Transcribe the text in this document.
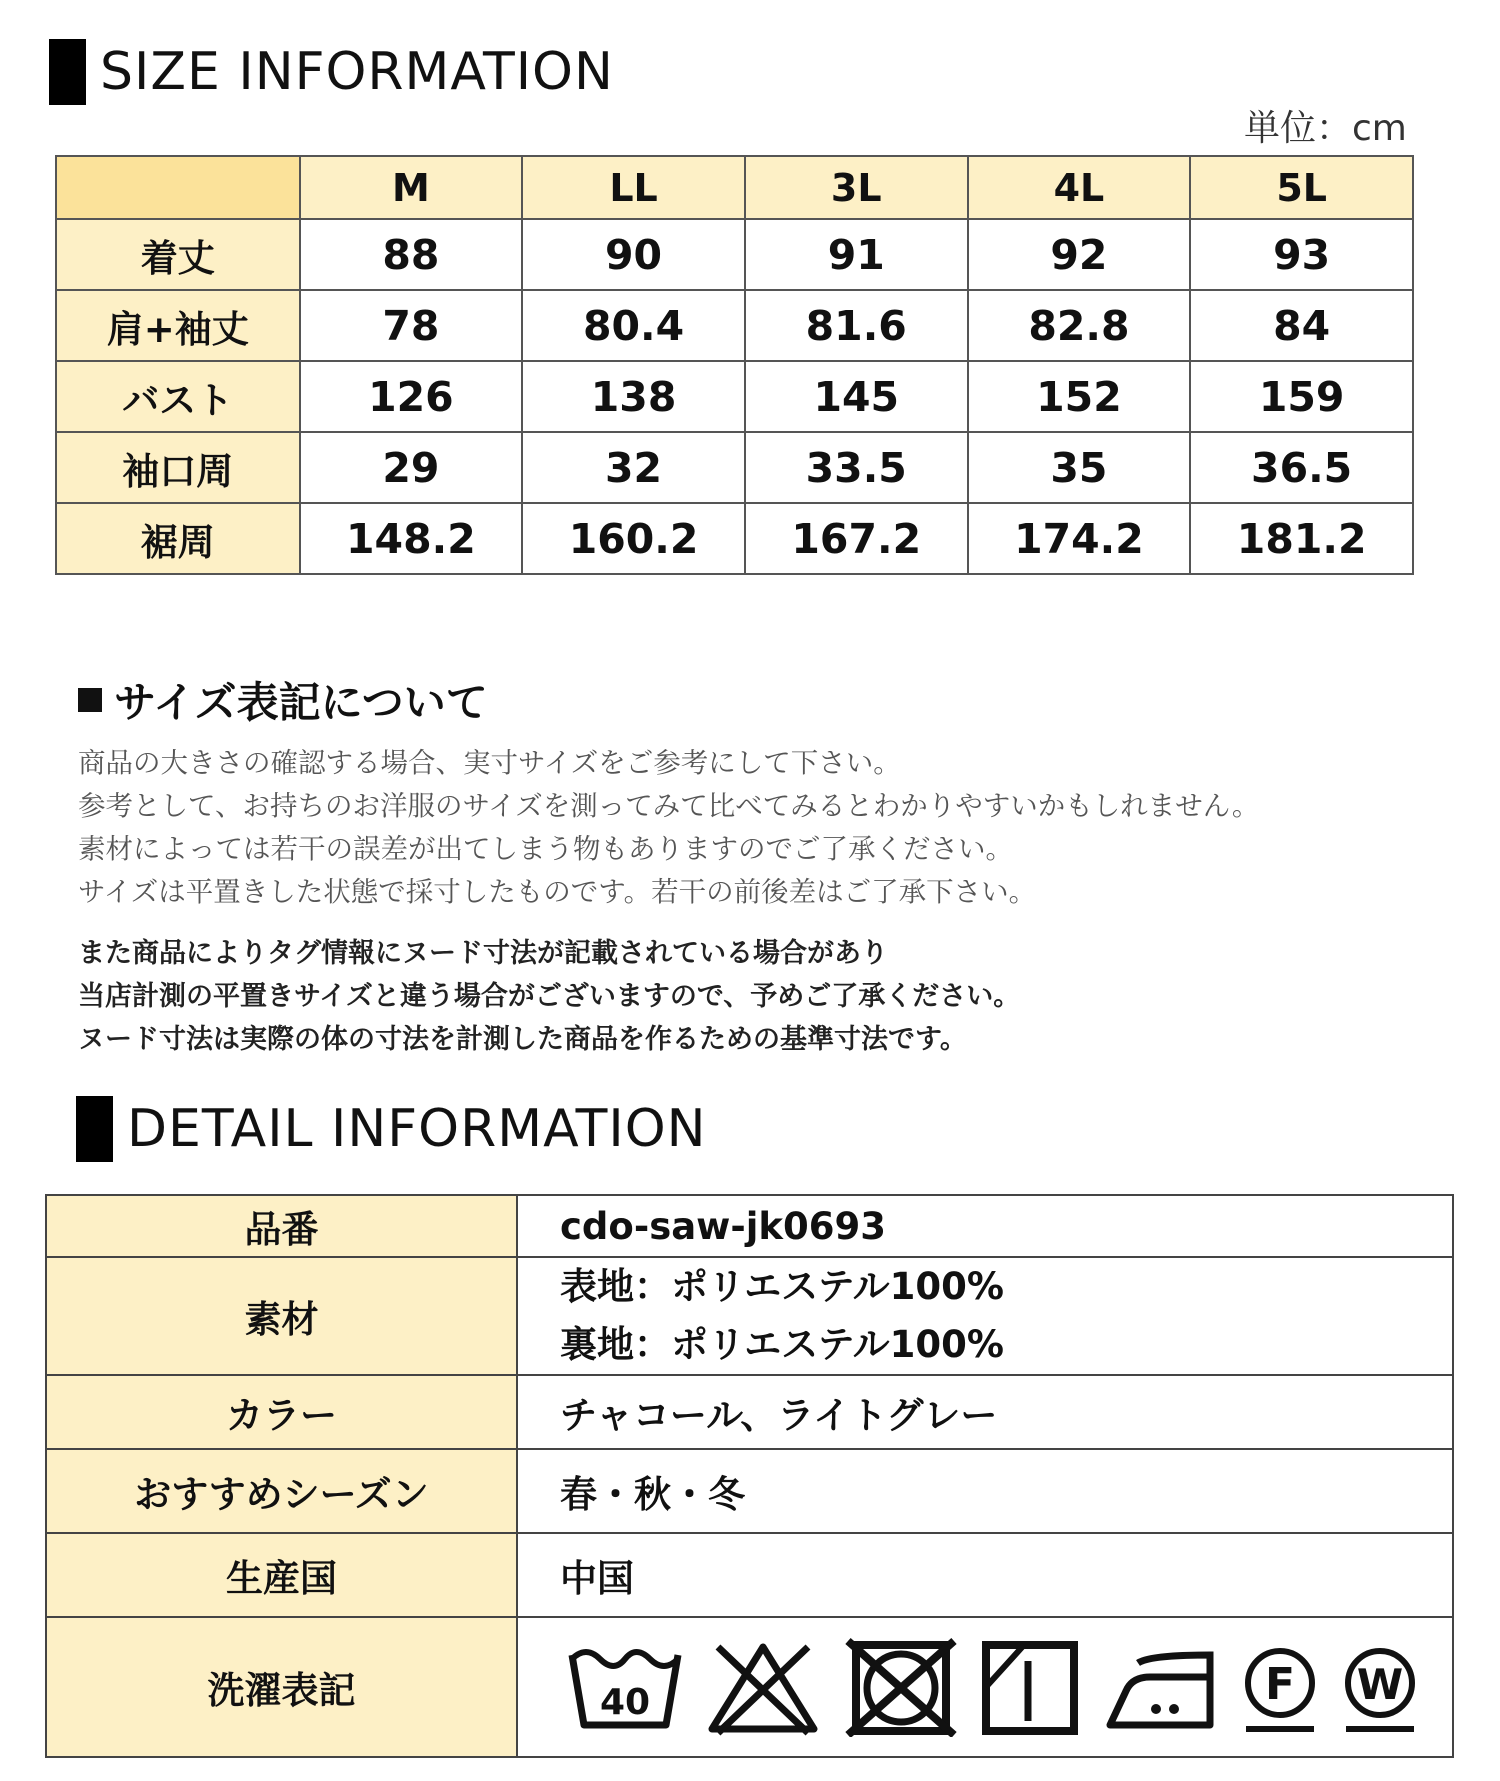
SIZE INFORMATION
単位：cm
	M	LL	3L	4L	5L
着丈	88	90	91	92	93
肩+袖丈	78	80.4	81.6	82.8	84
バスト	126	138	145	152	159
袖口周	29	32	33.5	35	36.5
裾周	148.2	160.2	167.2	174.2	181.2
サイズ表記について

商品の大きさの確認する場合、実寸サイズをご参考にして下さい。

参考として、お持ちのお洋服のサイズを測ってみて比べてみるとわかりやすいかもしれません。

素材によっては若干の誤差が出てしまう物もありますのでご了承ください。

サイズは平置きした状態で採寸したものです。若干の前後差はご了承下さい。

また商品によりタグ情報にヌード寸法が記載されている場合があり

当店計測の平置きサイズと違う場合がございますので、予めご了承ください。

ヌード寸法は実際の体の寸法を計測した商品を作るための基準寸法です。

DETAIL INFORMATION
品番	cdo-saw-jk0693
素材	表地：ポリエステル100%
裏地：ポリエステル100%

カラー	チャコール、ライトグレー
おすすめシーズン	春・秋・冬
生産国	中国
洗濯表記	40 F W
